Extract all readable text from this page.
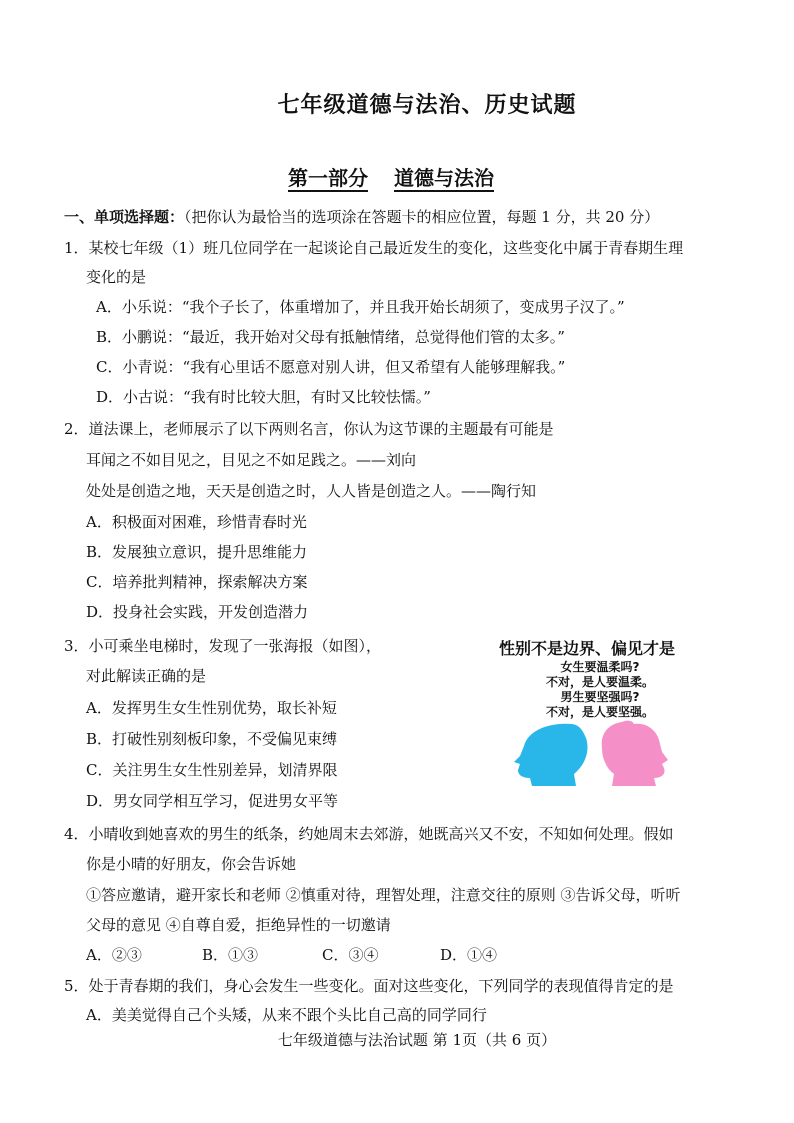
七年级道德与法治、历史试题
第一部分 道德与法治
一、单项选择题：（把你认为最恰当的选项涂在答题卡的相应位置，每题 1 分，共 20 分）
1．某校七年级（1）班几位同学在一起谈论自己最近发生的变化，这些变化中属于青春期生理
变化的是
A．小乐说：“我个子长了，体重增加了，并且我开始长胡须了，变成男子汉了。”
B．小鹏说：“最近，我开始对父母有抵触情绪，总觉得他们管的太多。”
C．小青说：“我有心里话不愿意对别人讲，但又希望有人能够理解我。”
D．小古说：“我有时比较大胆，有时又比较怯懦。”
2．道法课上，老师展示了以下两则名言，你认为这节课的主题最有可能是
耳闻之不如目见之，目见之不如足践之。——刘向
处处是创造之地，天天是创造之时，人人皆是创造之人。——陶行知
A．积极面对困难，珍惜青春时光
B．发展独立意识，提升思维能力
C．培养批判精神，探索解决方案
D．投身社会实践，开发创造潜力
3．小可乘坐电梯时，发现了一张海报（如图），
对此解读正确的是
A．发挥男生女生性别优势，取长补短
B．打破性别刻板印象，不受偏见束缚
C．关注男生女生性别差异，划清界限
D．男女同学相互学习，促进男女平等
性别不是边界、偏见才是
女生要温柔吗?
不对，是人要温柔。
男生要坚强吗?
不对，是人要坚强。
4．小晴收到她喜欢的男生的纸条，约她周末去郊游，她既高兴又不安，不知如何处理。假如
你是小晴的好朋友，你会告诉她
①答应邀请，避开家长和老师 ②慎重对待，理智处理，注意交往的原则 ③告诉父母，听听
父母的意见 ④自尊自爱，拒绝异性的一切邀请
A．②③	B．①③	C．③④	D．①④
5．处于青春期的我们，身心会发生一些变化。面对这些变化，下列同学的表现值得肯定的是
A．美美觉得自己个头矮，从来不跟个头比自己高的同学同行
七年级道德与法治试题 第 1页（共 6 页）
